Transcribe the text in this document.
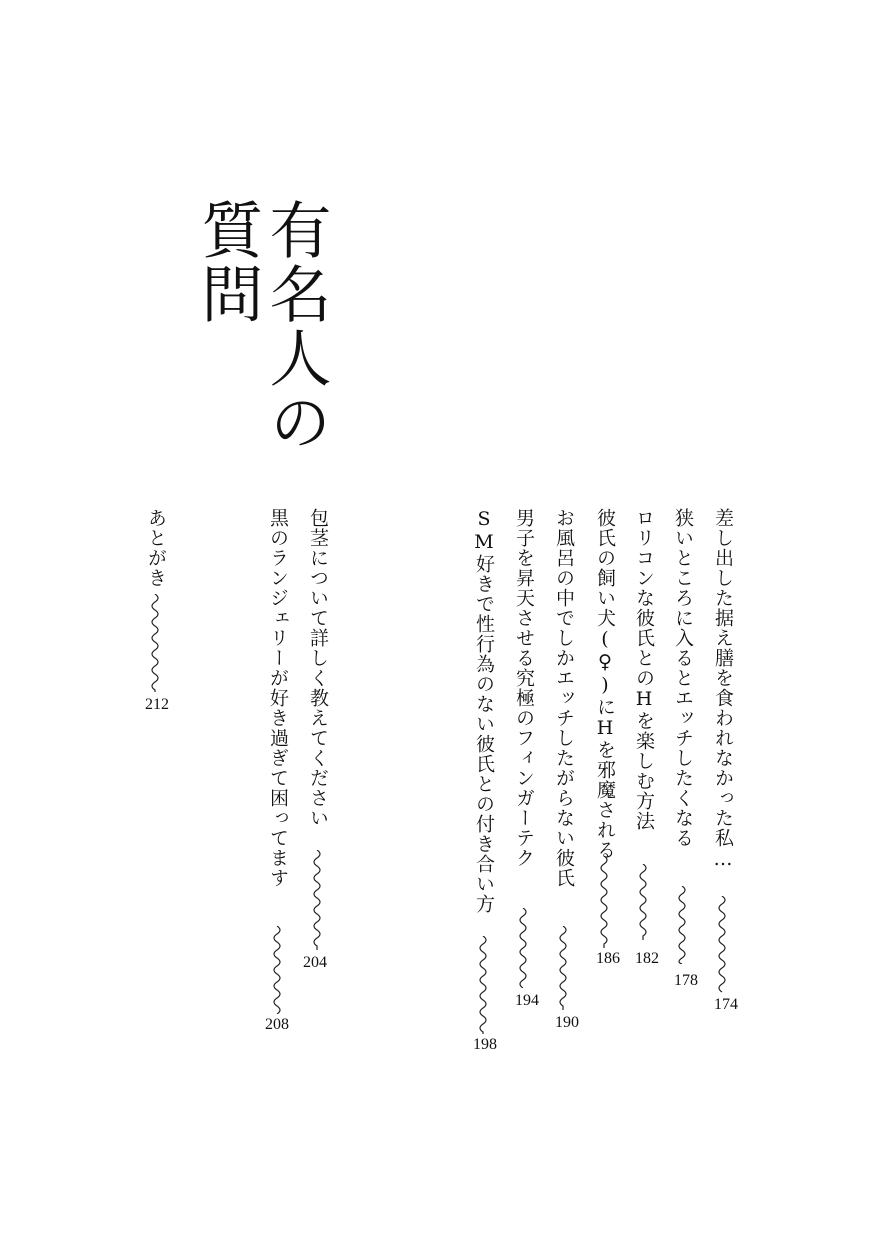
有名人の
質問
差し出した据え膳を食われなかった私…
174
狭いところに入るとエッチしたくなる
178
ロリコンな彼氏とのHを楽しむ方法
182
彼氏の飼い犬(♀)にHを邪魔される
186
お風呂の中でしかエッチしたがらない彼氏
190
男子を昇天させる究極のフィンガーテク
194
SM好きで性行為のない彼氏との付き合い方
198
包茎について詳しく教えてください
204
黒のランジェリーが好き過ぎて困ってます
208
あとがき
212
